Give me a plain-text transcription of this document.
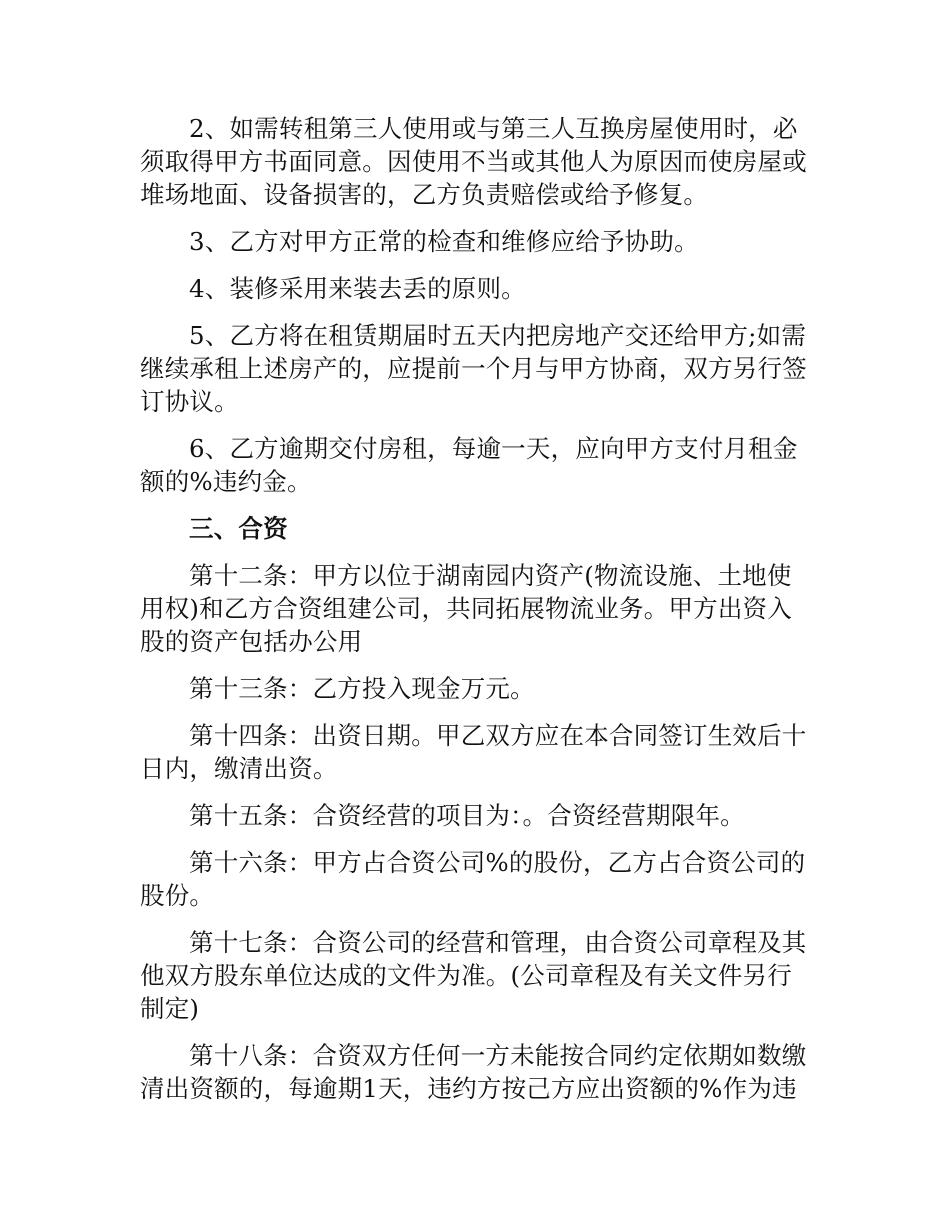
2、如需转租第三人使用或与第三人互换房屋使用时，必须取得甲方书面同意。因使用不当或其他人为原因而使房屋或堆场地面、设备损害的，乙方负责赔偿或给予修复。

3、乙方对甲方正常的检查和维修应给予协助。

4、装修采用来装去丢的原则。

5、乙方将在租赁期届时五天内把房地产交还给甲方;如需继续承租上述房产的，应提前一个月与甲方协商，双方另行签订协议。

6、乙方逾期交付房租，每逾一天，应向甲方支付月租金额的%违约金。

三、合资

第十二条：甲方以位于湖南园内资产(物流设施、土地使用权)和乙方合资组建公司，共同拓展物流业务。甲方出资入股的资产包括办公用

第十三条：乙方投入现金万元。

第十四条：出资日期。甲乙双方应在本合同签订生效后十日内，缴清出资。

第十五条：合资经营的项目为：。合资经营期限年。

第十六条：甲方占合资公司%的股份，乙方占合资公司的股份。

第十七条：合资公司的经营和管理，由合资公司章程及其他双方股东单位达成的文件为准。(公司章程及有关文件另行制定)

第十八条：合资双方任何一方未能按合同约定依期如数缴清出资额的，每逾期1天，违约方按己方应出资额的%作为违
